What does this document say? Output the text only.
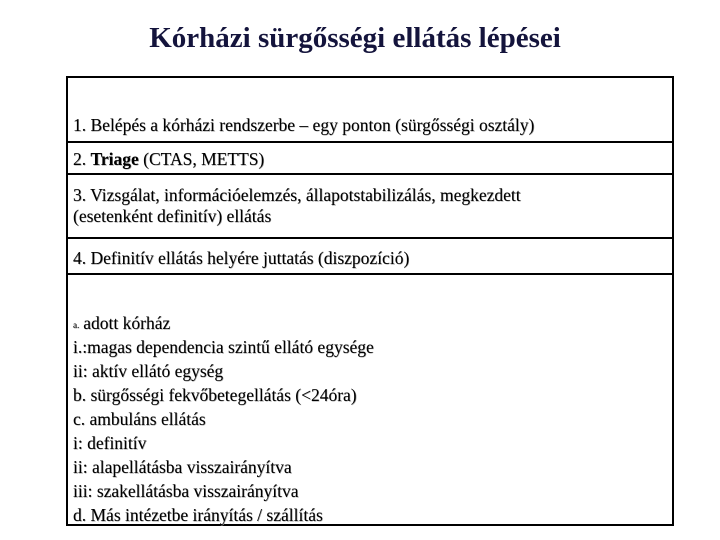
Kórházi sürgősségi ellátás lépései
1. Belépés a kórházi rendszerbe – egy ponton (sürgősségi osztály)
2. Triage (CTAS, METTS)
3. Vizsgálat, információelemzés, állapotstabilizálás, megkezdett
(esetenként definitív) ellátás
4. Definitív ellátás helyére juttatás (diszpozíció)
a. adott kórház
i.:magas dependencia szintű ellátó egysége
ii: aktív ellátó egység
b. sürgősségi fekvőbetegellátás (<24óra)
c. ambuláns ellátás
i: definitív
ii: alapellátásba visszairányítva
iii: szakellátásba visszairányítva
d. Más intézetbe irányítás / szállítás
